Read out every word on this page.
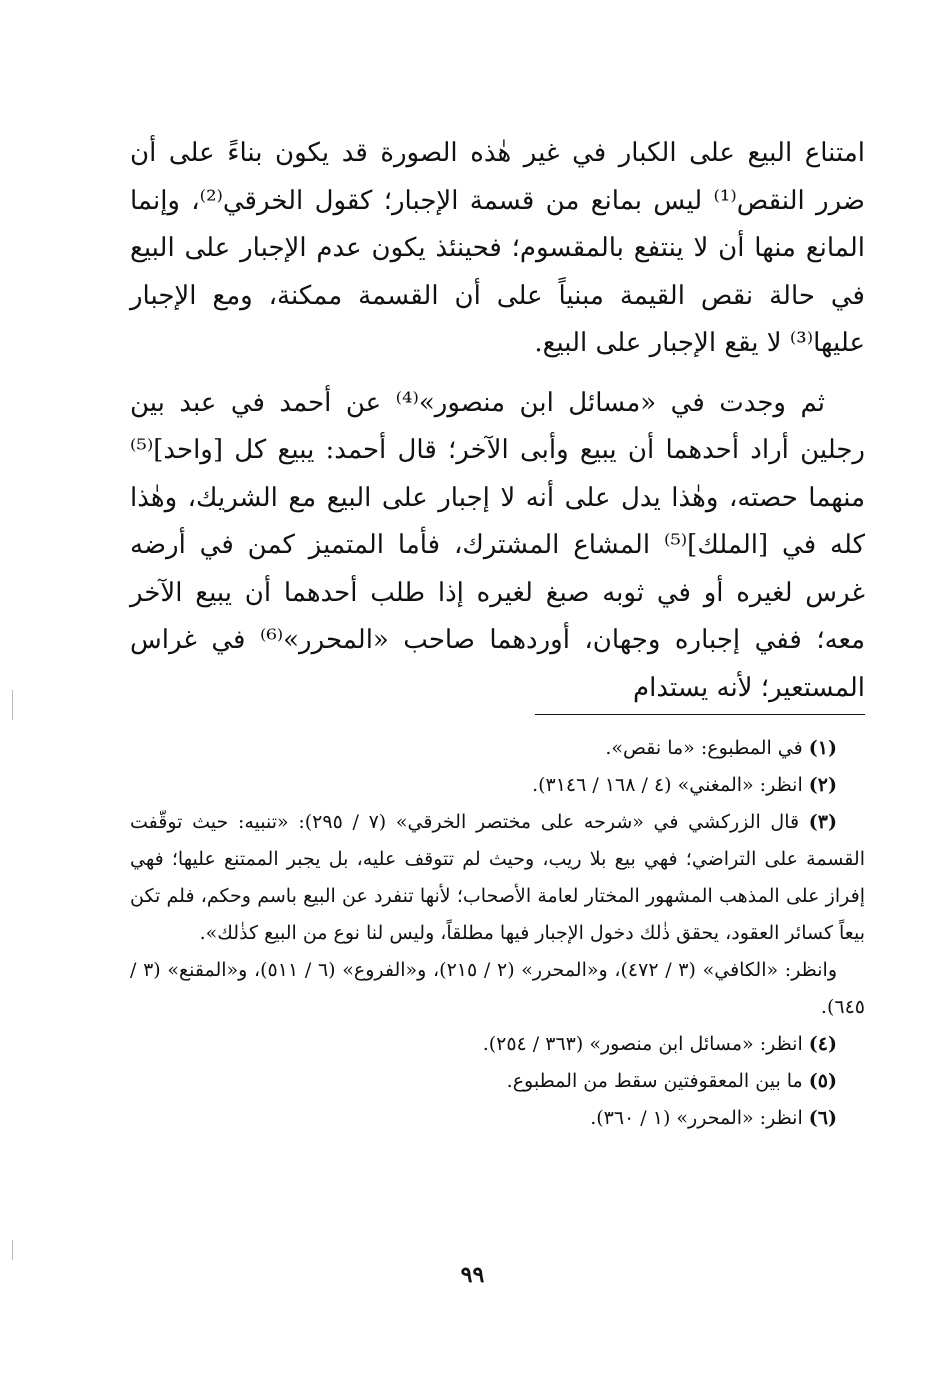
امتناع البيع على الكبار في غير هٰذه الصورة قد يكون بناءً على أن ضرر النقص⁽¹⁾ ليس بمانع من قسمة الإجبار؛ كقول الخرقي⁽²⁾، وإنما المانع منها أن لا ينتفع بالمقسوم؛ فحينئذ يكون عدم الإجبار على البيع في حالة نقص القيمة مبنياً على أن القسمة ممكنة، ومع الإجبار عليها⁽³⁾ لا يقع الإجبار على البيع.

ثم وجدت في «مسائل ابن منصور»⁽⁴⁾ عن أحمد في عبد بين رجلين أراد أحدهما أن يبيع وأبى الآخر؛ قال أحمد: يبيع كل [واحد]⁽⁵⁾ منهما حصته، وهٰذا يدل على أنه لا إجبار على البيع مع الشريك، وهٰذا كله في [الملك]⁽⁵⁾ المشاع المشترك، فأما المتميز كمن في أرضه غرس لغيره أو في ثوبه صبغ لغيره إذا طلب أحدهما أن يبيع الآخر معه؛ ففي إجباره وجهان، أوردهما صاحب «المحرر»⁽⁶⁾ في غراس المستعير؛ لأنه يستدام

(١) في المطبوع: «ما نقص».

(٢) انظر: «المغني» (٤ / ١٦٨ / ٣١٤٦).

(٣) قال الزركشي في «شرحه على مختصر الخرقي» (٧ / ٢٩٥): «تنبيه: حيث توقّفت القسمة على التراضي؛ فهي بيع بلا ريب، وحيث لم تتوقف عليه، بل يجبر الممتنع عليها؛ فهي إفراز على المذهب المشهور المختار لعامة الأصحاب؛ لأنها تنفرد عن البيع باسم وحكم، فلم تكن بيعاً كسائر العقود، يحقق ذٰلك دخول الإجبار فيها مطلقاً، وليس لنا نوع من البيع كذٰلك».

وانظر: «الكافي» (٣ / ٤٧٢)، و«المحرر» (٢ / ٢١٥)، و«الفروع» (٦ / ٥١١)، و«المقنع» (٣ / ٦٤٥).

(٤) انظر: «مسائل ابن منصور» (٣٦٣ / ٢٥٤).

(٥) ما بين المعقوفتين سقط من المطبوع.

(٦) انظر: «المحرر» (١ / ٣٦٠).

٩٩
